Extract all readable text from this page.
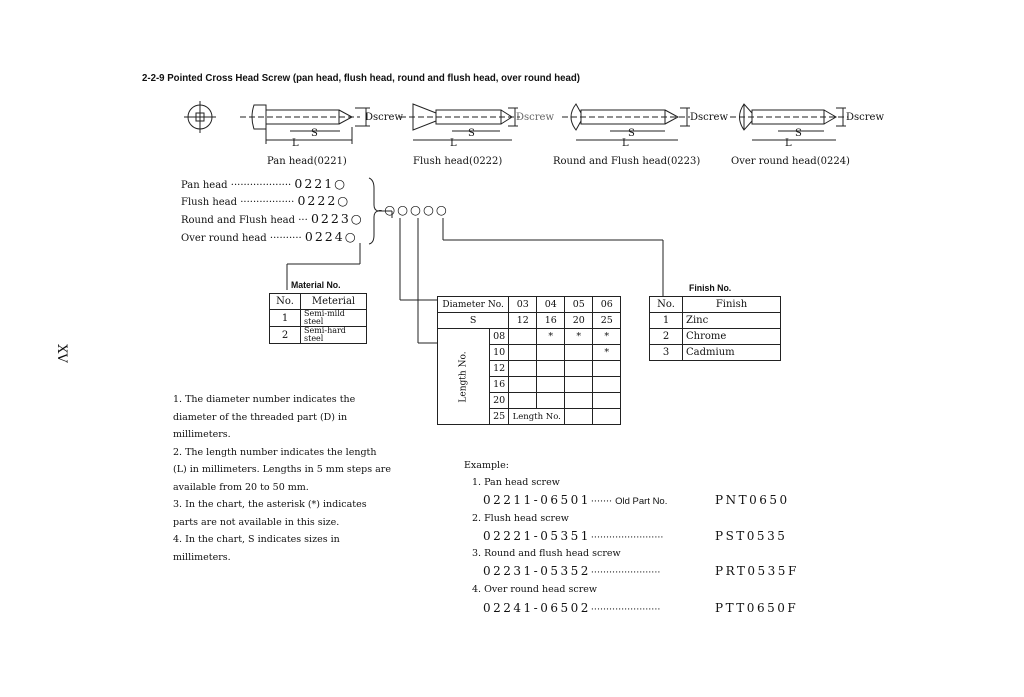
2-2-9 Pointed Cross Head Screw (pan head, flush head, round and flush head, over round head)
XV
Dscrew
S
L
Pan head(0221)
Dscrew
S
L
Flush head(0222)
Dscrew
S
L
Round and Flush head(0223)
Dscrew
S
L
Over round head(0224)
Pan head ··················· 0221○
Flush head ················· 0222○
Round and Flush head ··· 0223○
Over round head ·········· 0224○
-○○○○○
Material No.
No.	Meterial
1	Semi-mild steel
2	Semi-hard steel
Diameter No.		03	04	05	06
S		12	16	20	25

Length No.	08		*	*	*
	10				*
	12				
	16				
	20				
	25	Length No.			
Finish No.
No.	Finish
1	Zinc
2	Chrome
3	Cadmium

1. The diameter number indicates the diameter of the threaded part (D) in millimeters.

2. The length number indicates the length (L) in millimeters. Lengths in 5 mm steps are available from 20 to 50 mm.

3. In the chart, the asterisk (*) indicates parts are not available in this size.

4. In the chart, S indicates sizes in millimeters.

Example:
1. Pan head screw
02211-06501······· Old Part No.	PNT0650
2. Flush head screw
02221-05351························	PST0535
3. Round and flush head screw
02231-05352·······················	PRT0535F
4. Over round head screw
02241-06502·······················	PTT0650F
